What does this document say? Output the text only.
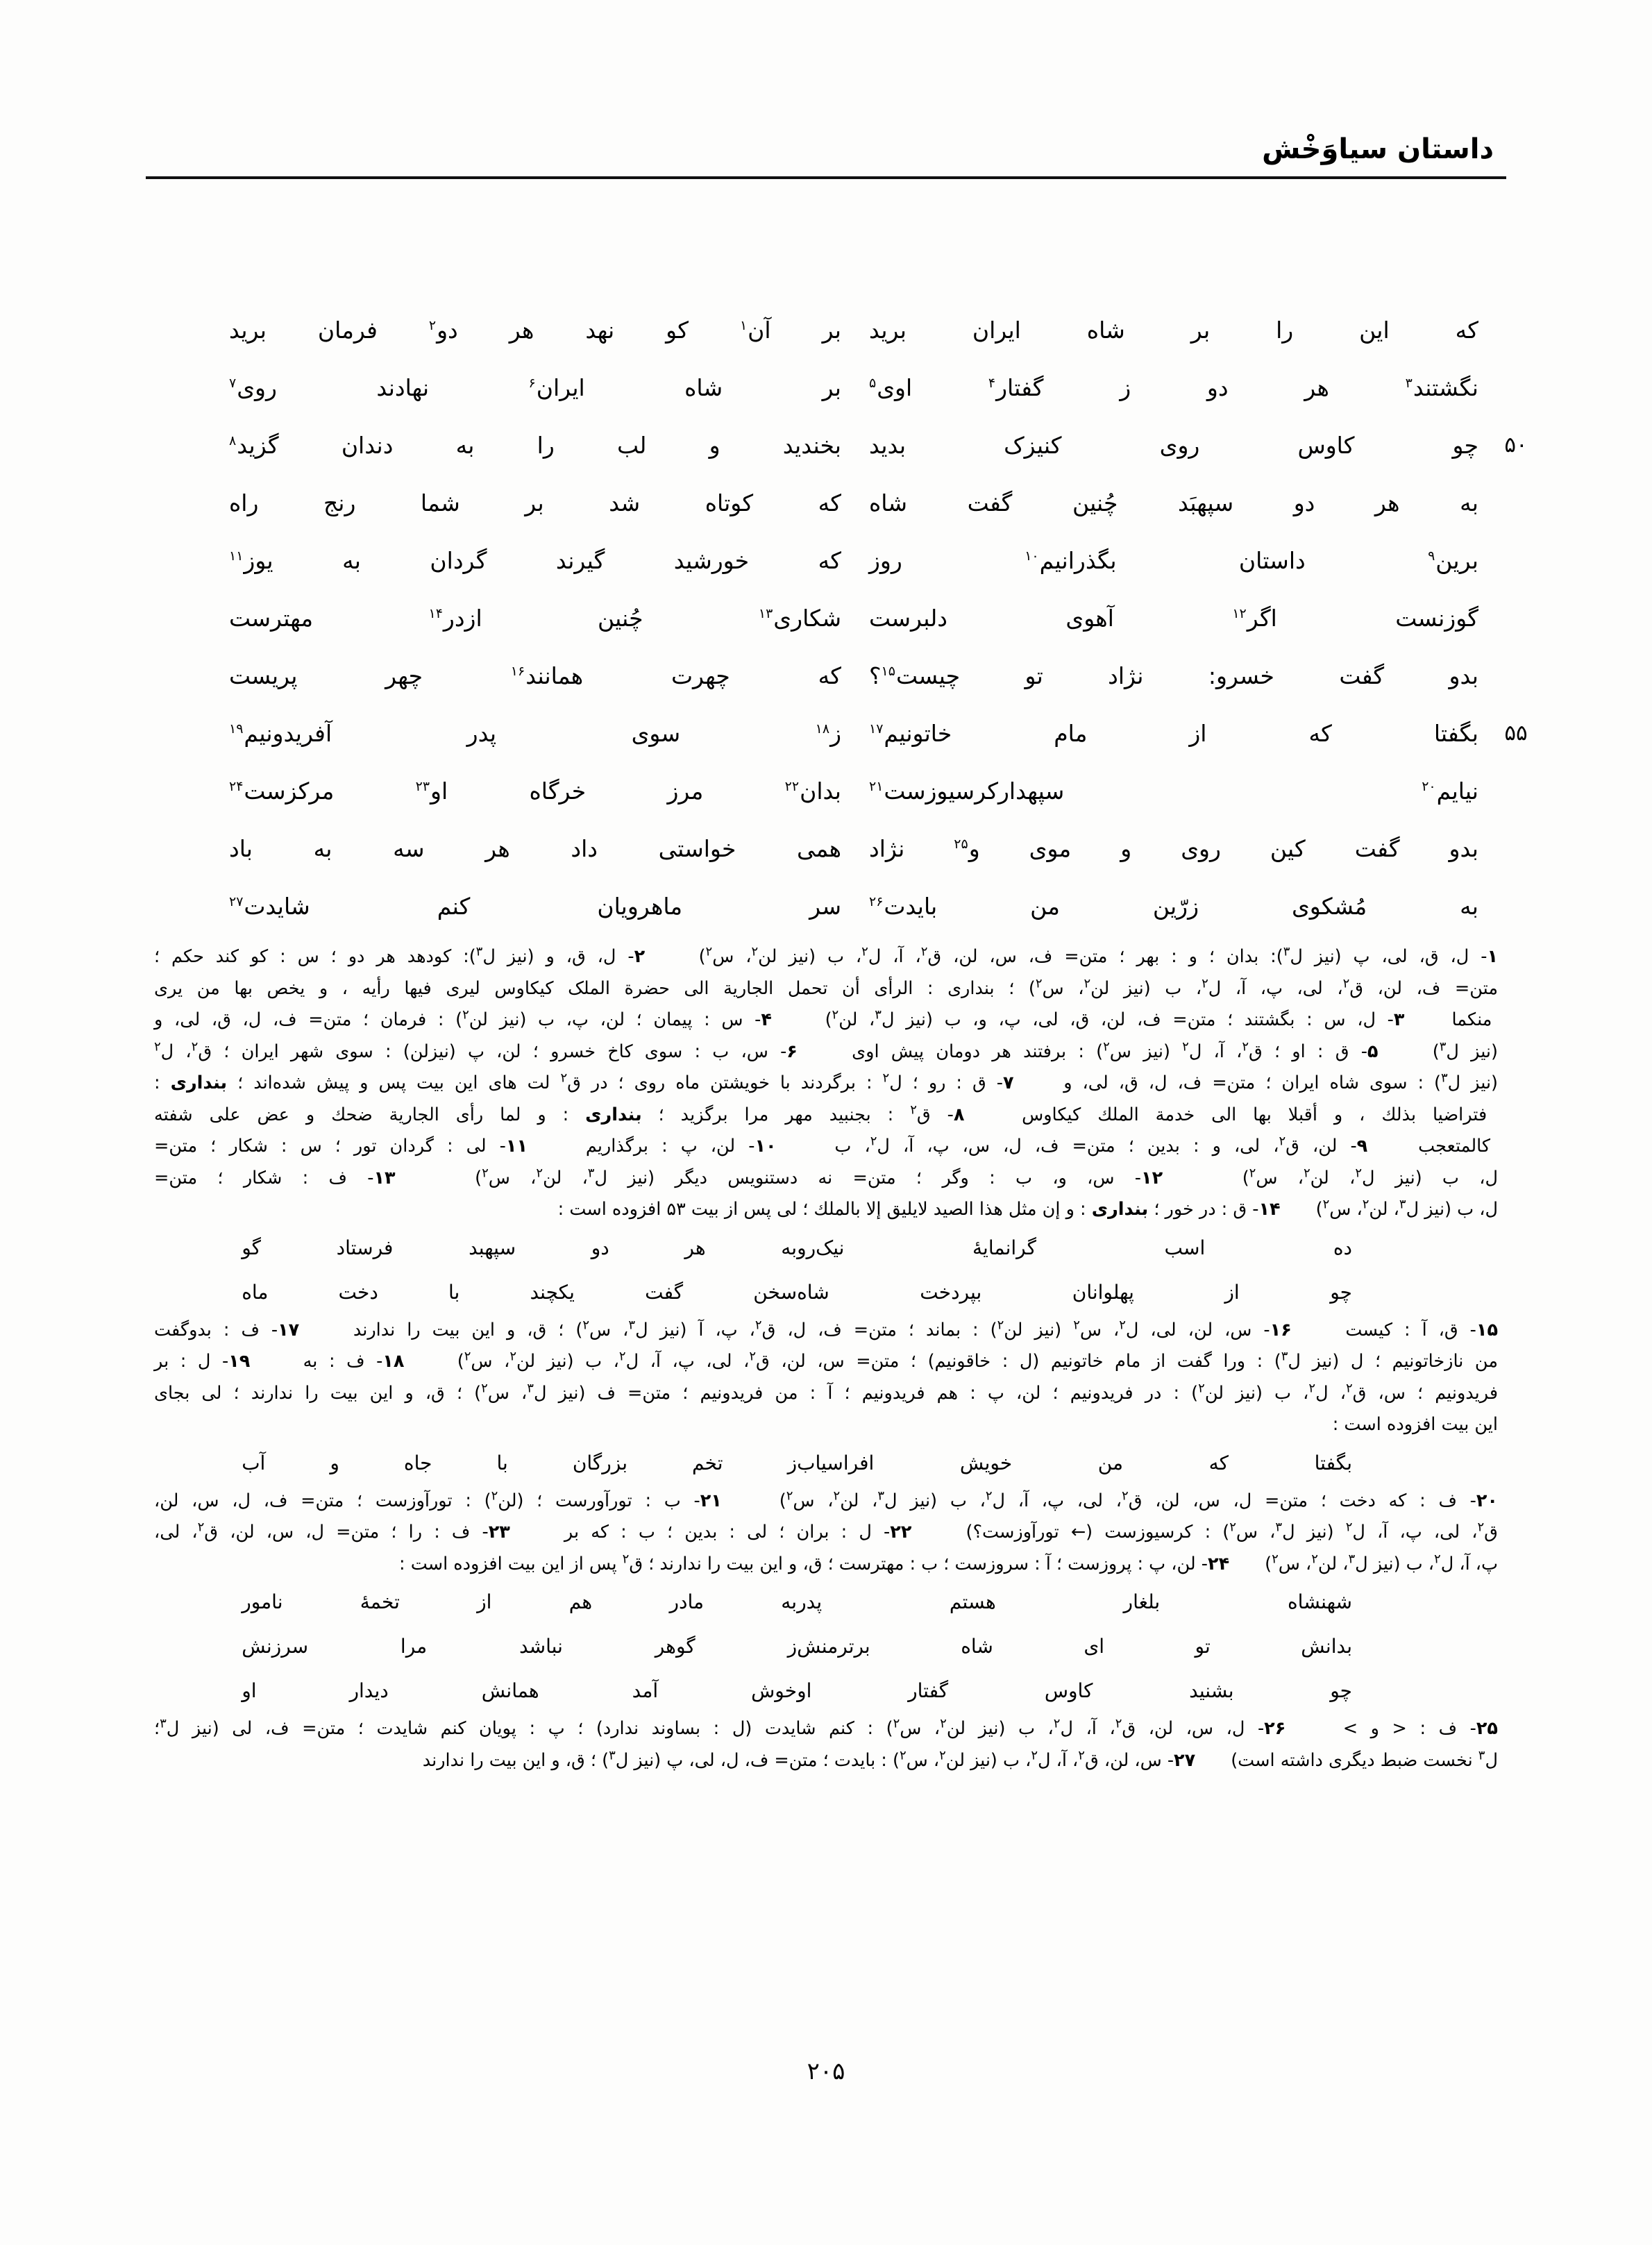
داستان سیاوَخْش
که این را بر شاه ایران برید
بر آن$^۱$ کو نهد هر دو$^۲$ فرمان برید
نگشتند$^۳$ هر دو ز گفتار$^۴$ اوی$^۵$
بر شاه ایران$^۶$ نهادند روی$^۷$
۵۰
چو کاوس روی کنیزک بدید
بخندید و لب را به دندان گزید$^۸$
به هر دو سپهبَد چُنین گفت شاه
که کوتاه شد بر شما رنج راه
برین$^۹$ داستان بگذرانیم$^{۱۰}$ روز
که خورشید گیرند گردان به یوز$^{۱۱}$
گوزنست اگر$^{۱۲}$ آهوی دلبرست
شکاری$^{۱۳}$ چُنین ازدر$^{۱۴}$ مهترست
بدو گفت خسرو: نژاد تو چیست$^{۱۵}$؟
که چهرت همانند$^{۱۶}$ چهر پریست
۵۵
بگفتا که از مام خاتونیم$^{۱۷}$
ز$^{۱۸}$ سوی پدر آفریدونیم$^{۱۹}$
نیایم$^{۲۰}$ سپهدارکرسیوزست$^{۲۱}$
بدان$^{۲۲}$ مرز خرگاه او$^{۲۳}$ مرکزست$^{۲۴}$
بدو گفت کین روی و موی و$^{۲۵}$ نژاد
همی خواستی داد هر سه به باد
به مُشکوی زرّین من بایدت$^{۲۶}$
سر ماهرویان کنم شایدت$^{۲۷}$
۱- ل، ق، لی، پ (نیز ل$^۳$): بدان ؛ و : بهر ؛ متن= ف، س، لن، ق$^۲$، آ، ل$^۲$، ب (نیز لن$^۲$، س$^۲$)　　۲- ل، ق، و (نیز ل$^۳$): کودهد هر دو ؛ س : کو کند حکم ؛
متن= ف، لن، ق$^۲$، لی، پ، آ، ل$^۲$، ب (نیز لن$^۲$، س$^۲$) ؛ بنداری : الرأی أن تحمل الجاریة الی حضرة الملک کیکاوس لیری فیها رأیه ، و یخص بها من یری
منکما　　۳- ل، س : بگشتند ؛ متن= ف، لن، ق، لی، پ، و، ب (نیز ل$^۳$، لن$^۲$)　　۴- س : پیمان ؛ لن، پ، ب (نیز لن$^۲$) : فرمان ؛ متن= ف، ل، ق، لی، و
(نیز ل$^۳$)　　۵- ق : او ؛ ق$^۲$، آ، ل$^۲$ (نیز س$^۲$) : برفتند هر دومان پیش اوی　　۶- س، ب : سوی کاخ خسرو ؛ لن، پ (نیزلن) : سوی شهر ایران ؛ ق$^۲$، ل$^۲$
(نیز ل$^۳$) : سوی شاه ایران ؛ متن= ف، ل، ق، لی، و　　۷- ق : رو ؛ ل$^۲$ : برگردند با خویشتن ماه روی ؛ در ق$^۲$ لت های این بیت پس و پیش شده‌اند ؛ بنداری :
فتراضیا بذلك ، و أقبلا بها الی خدمة الملك کیکاوس　　۸- ق$^۲$ : بجنبید مهر مرا برگزید ؛ بنداری : و لما رأی الجاریة ضحك و عض علی شفته
کالمتعجب　　۹- لن، ق$^۲$، لی، و : بدین ؛ متن= ف، ل، س، پ، آ، ل$^۲$، ب　　۱۰- لن، پ : برگذاریم　　۱۱- لی : گردان تور ؛ س : شکار ؛ متن=
ل، ب (نیز ل$^۲$، لن$^۲$، س$^۲$)　　۱۲- س، و، ب : وگر ؛ متن= نه دستنویس دیگر (نیز ل$^۳$، لن$^۲$، س$^۲$)　　۱۳- ف : شکار ؛ متن=
ل، ب (نیز ل$^۳$، لن$^۲$، س$^۲$)　　۱۴- ق : در خور ؛ بنداری : و إن مثل هذا الصید لایلیق إلا بالملك ؛ لی پس از بیت ۵۳ افزوده است :
ده اسب گرانمایهٔ نیک‌روبه هر دو سپهبد فرستاد گو
چو از پهلوانان بپردخت شاهسخن گفت یکچند با دخت ماه
۱۵- ق، آ : کیست　　۱۶- س، لن، لی، ل$^۲$، س$^۲$ (نیز لن$^۲$) : بماند ؛ متن= ف، ل، ق$^۲$، پ، آ (نیز ل$^۳$، س$^۲$) ؛ ق، و این بیت را ندارند　　۱۷- ف : بدوگفت
من نازخاتونیم ؛ ل (نیز ل$^۳$) : ورا گفت از مام خاتونیم (ل : خاقونیم) ؛ متن= س، لن، ق$^۲$، لی، پ، آ، ل$^۲$، ب (نیز لن$^۲$، س$^۲$)　　۱۸- ف : به　　۱۹- ل : بر
فریدونیم ؛ س، ق$^۲$، ل$^۲$، ب (نیز لن$^۲$) : در فریدونیم ؛ لن، پ : هم فریدونیم ؛ آ : من فریدونیم ؛ متن= ف (نیز ل$^۳$، س$^۲$) ؛ ق، و این بیت را ندارند ؛ لی بجای
این بیت افزوده است :
بگفتا که من خویش افراسیابز تخم بزرگان با جاه و آب
۲۰- ف : که دخت ؛ متن= ل، س، لن، ق$^۲$، لی، پ، آ، ل$^۲$، ب (نیز ل$^۳$، لن$^۲$، س$^۲$)　　۲۱- ب : تورآورست ؛ (لن$^۲$) : تورآوزست ؛ متن= ف، ل، س، لن،
ق$^۲$، لی، پ، آ، ل$^۲$ (نیز ل$^۳$، س$^۲$) : کرسیوزست (← تورآوزست؟)　　۲۲- ل : بران ؛ لی : بدین ؛ ب : که بر　　۲۳- ف : را ؛ متن= ل، س، لن، ق$^۲$، لی،
پ، آ، ل$^۲$، ب (نیز ل$^۳$، لن$^۲$، س$^۲$)　　۲۴- لن، پ : پروزست ؛ آ : سروزست ؛ ب : مهترست ؛ ق، و این بیت را ندارند ؛ ق$^۲$ پس از این بیت افزوده است :
شهنشاه بلغار هستم پدربه مادر هم از تخمهٔ نامور
بدانش تو ای شاه برترمنشز گوهر نباشد مرا سرزنش
چو بشنید کاوس گفتار اوخوش آمد همانش دیدار او
۲۵- ف : < و >　　۲۶- ل، س، لن، ق$^۲$، آ، ل$^۲$، ب (نیز لن$^۲$، س$^۲$) : کنم شایدت (ل : بساوند ندارد) ؛ پ : پویان کنم شایدت ؛ متن= ف، لی (نیز ل$^۳$؛
ل$^۳$ نخست ضبط دیگری داشته است)　　۲۷- س، لن، ق$^۲$، آ، ل$^۲$، ب (نیز لن$^۲$، س$^۲$) : بایدت ؛ متن= ف، ل، لی، پ (نیز ل$^۳$) ؛ ق، و این بیت را ندارند
۲۰۵
